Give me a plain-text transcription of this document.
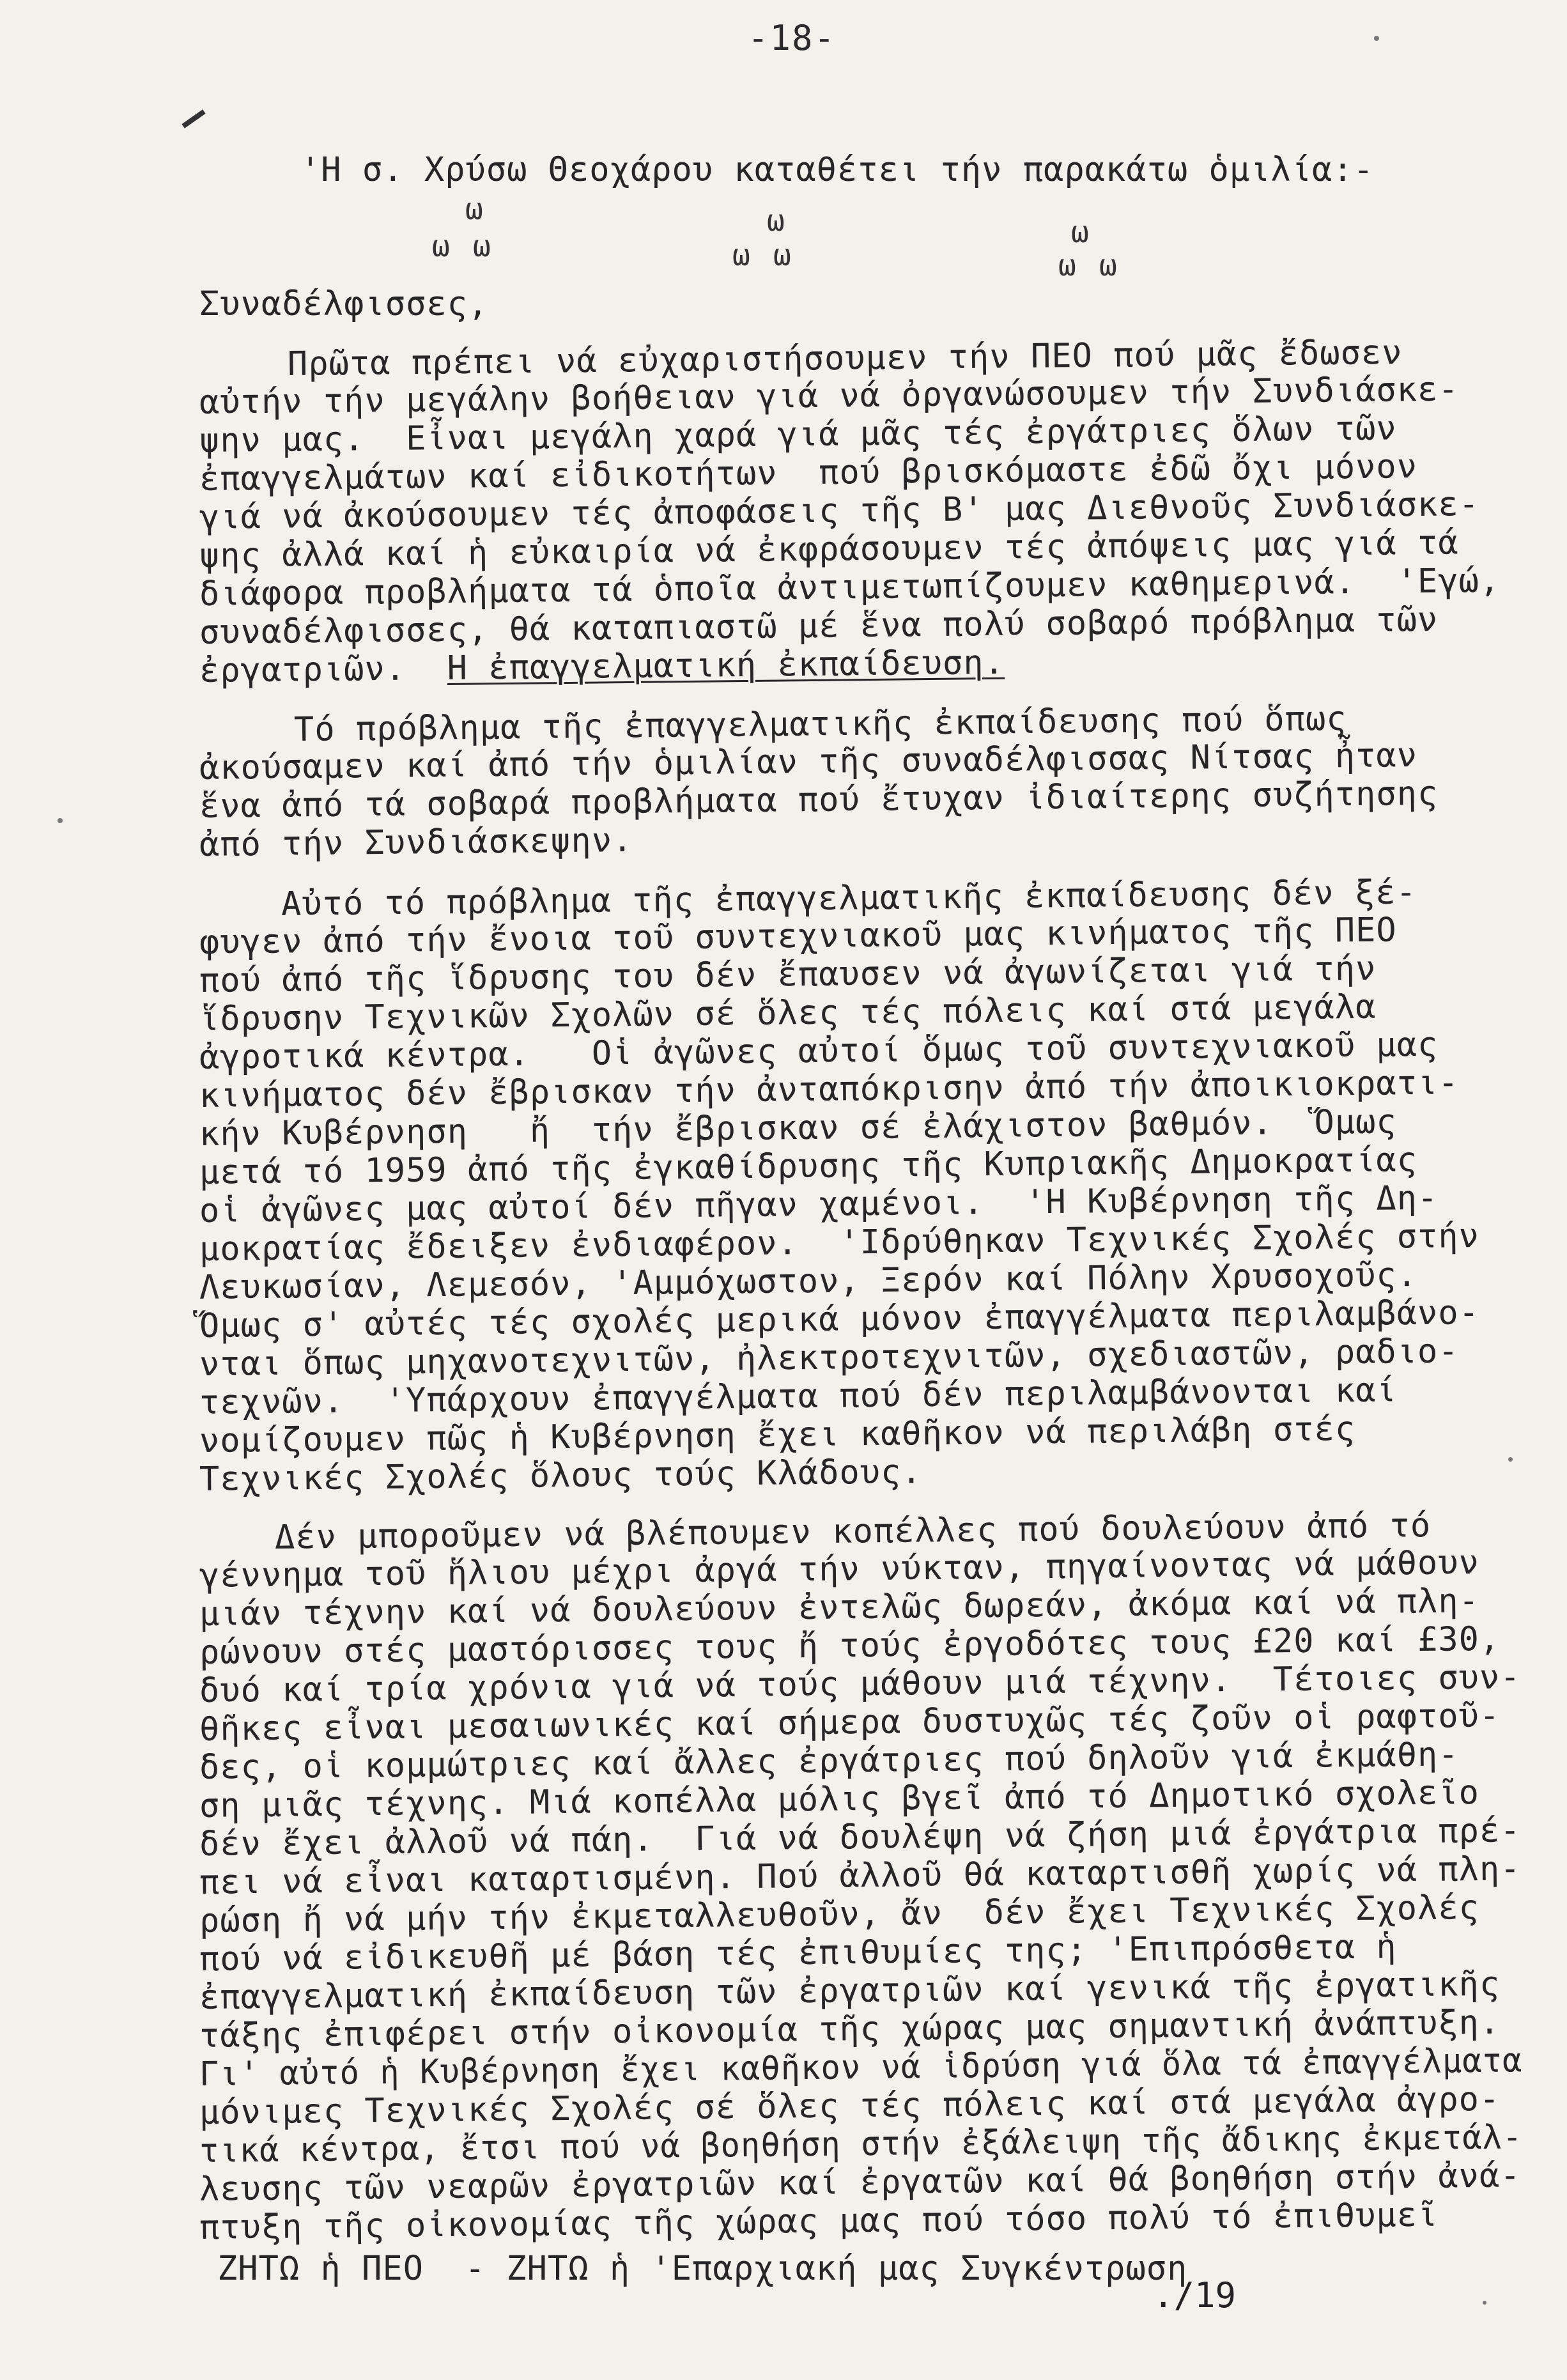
-18-
'Η σ. Χρύσω Θεοχάρου καταθέτει τήν παρακάτω ὁμιλία:-
ω
ω ω
ω
ω ω
ω
ω ω
Συναδέλφισσες,
Πρῶτα πρέπει νά εὐχαριστήσουμεν τήν ΠΕΟ πού μᾶς ἔδωσεν
αὐτήν τήν μεγάλην βοήθειαν γιά νά ὀργανώσουμεν τήν Συνδιάσκε-
ψην μας.  Εἶναι μεγάλη χαρά γιά μᾶς τές ἐργάτριες ὅλων τῶν
ἐπαγγελμάτων καί εἰδικοτήτων  πού βρισκόμαστε ἐδῶ ὄχι μόνον
γιά νά ἀκούσουμεν τές ἀποφάσεις τῆς Β' μας Διεθνοῦς Συνδιάσκε-
ψης ἀλλά καί ἡ εὐκαιρία νά ἐκφράσουμεν τές ἀπόψεις μας γιά τά
διάφορα προβλήματα τά ὁποῖα ἀντιμετωπίζουμεν καθημερινά.  'Εγώ,
συναδέλφισσες, θά καταπιαστῶ μέ ἕνα πολύ σοβαρό πρόβλημα τῶν
ἐργατριῶν.  Η ἐπαγγελματική ἐκπαίδευση.
Τό πρόβλημα τῆς ἐπαγγελματικῆς ἐκπαίδευσης πού ὅπως
ἀκούσαμεν καί ἀπό τήν ὁμιλίαν τῆς συναδέλφισσας Νίτσας ἦταν
ἕνα ἀπό τά σοβαρά προβλήματα πού ἔτυχαν ἰδιαίτερης συζήτησης
ἀπό τήν Συνδιάσκεψην.
Αὐτό τό πρόβλημα τῆς ἐπαγγελματικῆς ἐκπαίδευσης δέν ξέ-
φυγεν ἀπό τήν ἔνοια τοῦ συντεχνιακοῦ μας κινήματος τῆς ΠΕΟ
πού ἀπό τῆς ἵδρυσης του δέν ἔπαυσεν νά ἀγωνίζεται γιά τήν
ἵδρυσην Τεχνικῶν Σχολῶν σέ ὅλες τές πόλεις καί στά μεγάλα
ἀγροτικά κέντρα.   Οἱ ἀγῶνες αὐτοί ὅμως τοῦ συντεχνιακοῦ μας
κινήματος δέν ἔβρισκαν τήν ἀνταπόκρισην ἀπό τήν ἀποικιοκρατι-
κήν Κυβέρνηση   ἤ  τήν ἔβρισκαν σέ ἐλάχιστον βαθμόν.  Ὅμως
μετά τό 1959 ἀπό τῆς ἐγκαθίδρυσης τῆς Κυπριακῆς Δημοκρατίας
οἱ ἀγῶνες μας αὐτοί δέν πῆγαν χαμένοι.  'Η Κυβέρνηση τῆς Δη-
μοκρατίας ἔδειξεν ἐνδιαφέρον.  'Ιδρύθηκαν Τεχνικές Σχολές στήν
Λευκωσίαν, Λεμεσόν, 'Αμμόχωστον, Ξερόν καί Πόλην Χρυσοχοῦς.
Ὅμως σ' αὐτές τές σχολές μερικά μόνον ἐπαγγέλματα περιλαμβάνο-
νται ὅπως μηχανοτεχνιτῶν, ἠλεκτροτεχνιτῶν, σχεδιαστῶν, ραδιο-
τεχνῶν.  'Υπάρχουν ἐπαγγέλματα πού δέν περιλαμβάνονται καί
νομίζουμεν πῶς ἡ Κυβέρνηση ἔχει καθῆκον νά περιλάβη στές
Τεχνικές Σχολές ὅλους τούς Κλάδους.
Δέν μποροῦμεν νά βλέπουμεν κοπέλλες πού δουλεύουν ἀπό τό
γέννημα τοῦ ἥλιου μέχρι ἀργά τήν νύκταν, πηγαίνοντας νά μάθουν
μιάν τέχνην καί νά δουλεύουν ἐντελῶς δωρεάν, ἀκόμα καί νά πλη-
ρώνουν στές μαστόρισσες τους ἤ τούς ἐργοδότες τους £20 καί £30,
δυό καί τρία χρόνια γιά νά τούς μάθουν μιά τέχνην.  Τέτοιες συν-
θῆκες εἶναι μεσαιωνικές καί σήμερα δυστυχῶς τές ζοῦν οἱ ραφτοῦ-
δες, οἱ κομμώτριες καί ἄλλες ἐργάτριες πού δηλοῦν γιά ἐκμάθη-
ση μιᾶς τέχνης. Μιά κοπέλλα μόλις βγεῖ ἀπό τό Δημοτικό σχολεῖο
δέν ἔχει ἀλλοῦ νά πάη.  Γιά νά δουλέψη νά ζήση μιά ἐργάτρια πρέ-
πει νά εἶναι καταρτισμένη. Πού ἀλλοῦ θά καταρτισθῆ χωρίς νά πλη-
ρώση ἤ νά μήν τήν ἐκμεταλλευθοῦν, ἄν  δέν ἔχει Τεχνικές Σχολές
πού νά εἰδικευθῆ μέ βάση τές ἐπιθυμίες της; 'Επιπρόσθετα ἡ
ἐπαγγελματική ἐκπαίδευση τῶν ἐργατριῶν καί γενικά τῆς ἐργατικῆς
τάξης ἐπιφέρει στήν οἰκονομία τῆς χώρας μας σημαντική ἀνάπτυξη.
Γι' αὐτό ἡ Κυβέρνηση ἔχει καθῆκον νά ἱδρύση γιά ὅλα τά ἐπαγγέλματα
μόνιμες Τεχνικές Σχολές σέ ὅλες τές πόλεις καί στά μεγάλα ἀγρο-
τικά κέντρα, ἔτσι πού νά βοηθήση στήν ἐξάλειψη τῆς ἄδικης ἐκμετάλ-
λευσης τῶν νεαρῶν ἐργατριῶν καί ἐργατῶν καί θά βοηθήση στήν ἀνά-
πτυξη τῆς οἰκονομίας τῆς χώρας μας πού τόσο πολύ τό ἐπιθυμεῖ
ΖΗΤΩ ἡ ΠΕΟ  - ΖΗΤΩ ἡ 'Επαρχιακή μας Συγκέντρωση
./19
